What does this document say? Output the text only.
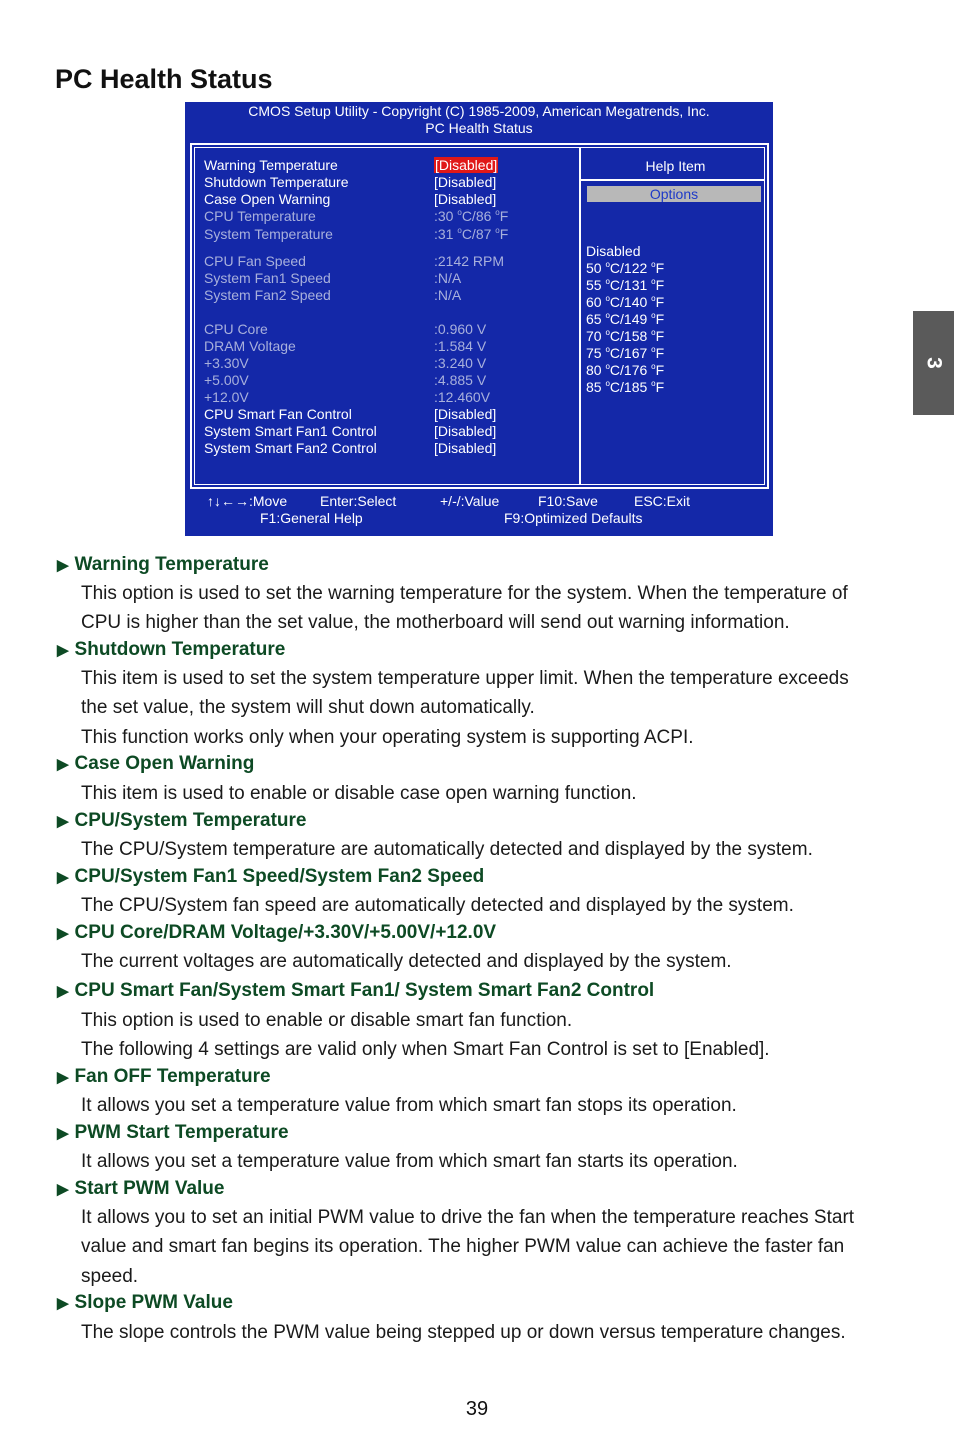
PC Health Status
3
CMOS Setup Utility - Copyright (C) 1985-2009, American Megatrends, Inc.
PC Health Status
Warning Temperature	[Disabled]
Shutdown Temperature	[Disabled]
Case Open Warning	[Disabled]
CPU Temperature	:30 $^o$C/86 $^o$F
System Temperature	:31 $^o$C/87 $^o$F
CPU Fan Speed	:2142 RPM
System Fan1 Speed	:N/A
System Fan2 Speed	:N/A
CPU Core	:0.960 V
DRAM Voltage	:1.584 V
+3.30V	:3.240 V
+5.00V	:4.885 V
+12.0V	:12.460V
CPU Smart Fan Control	[Disabled]
System Smart Fan1 Control	[Disabled]
System Smart Fan2 Control	[Disabled]
Help Item
Options
Disabled
50 $^o$C/122 $^o$F
55 $^o$C/131 $^o$F
60 $^o$C/140 $^o$F
65 $^o$C/149 $^o$F
70 $^o$C/158 $^o$F
75 $^o$C/167 $^o$F
80 $^o$C/176 $^o$F
85 $^o$C/185 $^o$F
↑↓←→:Move Enter:Select	+/-/:Value	F10:Save	ESC:Exit
F1:General Help	F9:Optimized Defaults
▶ Warning Temperature
This option is used to set the warning temperature for the system. When the temperature of
CPU is higher than the set value, the motherboard will send out warning information.
▶ Shutdown Temperature
This item is used to set the system temperature upper limit. When the temperature exceeds
the set value, the system will shut down automatically.
This function works only when your operating system is supporting ACPI.
▶ Case Open Warning
This item is used to enable or disable case open warning function.
▶ CPU/System Temperature
The CPU/System temperature are automatically detected and displayed by the system.
▶ CPU/System Fan1 Speed/System Fan2 Speed
The CPU/System fan speed are automatically detected and displayed by the system.
▶ CPU Core/DRAM Voltage/+3.30V/+5.00V/+12.0V
The current voltages are automatically detected and displayed by the system.
▶ CPU Smart Fan/System Smart Fan1/ System Smart Fan2 Control
This option is used to enable or disable smart fan function.
The following 4 settings are valid only when Smart Fan Control is set to [Enabled].
▶ Fan OFF Temperature
It allows you set a temperature value from which smart fan stops its operation.
▶ PWM Start Temperature
It allows you set a temperature value from which smart fan starts its operation.
▶ Start PWM Value
It allows you to set an initial PWM value to drive the fan when the temperature reaches Start
value and smart fan begins its operation. The higher PWM value can achieve the faster fan
speed.
▶ Slope PWM Value
The slope controls the PWM value being stepped up or down versus temperature changes.
39
